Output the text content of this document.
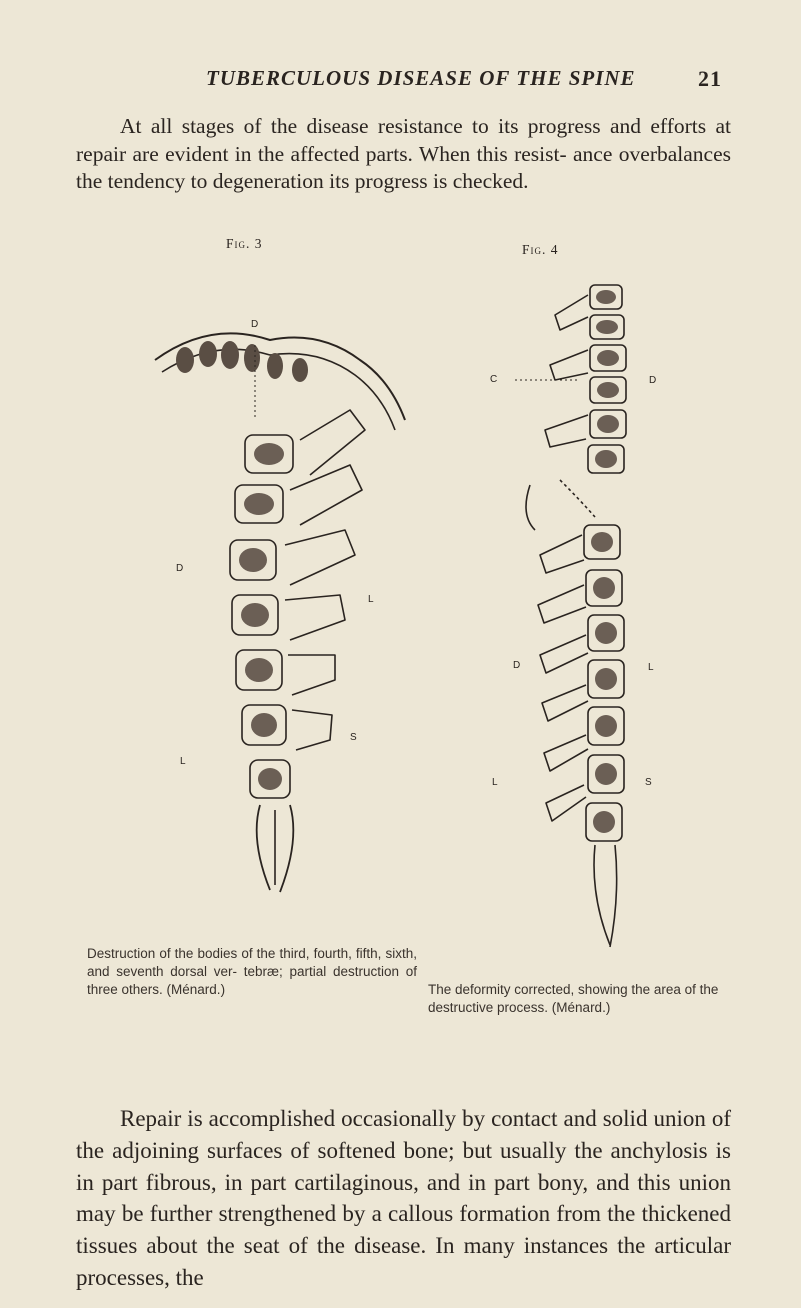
TUBERCULOUS DISEASE OF THE SPINE	21

At all stages of the disease resistance to its progress and efforts at repair are evident in the affected parts. When this resist- ance overbalances the tendency to degeneration its progress is checked.

Fig. 3
D
D
L
S
L

Destruction of the bodies of the third, fourth, fifth, sixth, and seventh dorsal ver- tebræ; partial destruction of three others. (Ménard.)

Fig. 4
C	D
D	L
L	S

The deformity corrected, showing the area of the destructive process. (Ménard.)

Repair is accomplished occasionally by contact and solid union of the adjoining surfaces of softened bone; but usually the anchylosis is in part fibrous, in part cartilaginous, and in part bony, and this union may be further strengthened by a callous formation from the thickened tissues about the seat of the disease. In many instances the articular processes, the
